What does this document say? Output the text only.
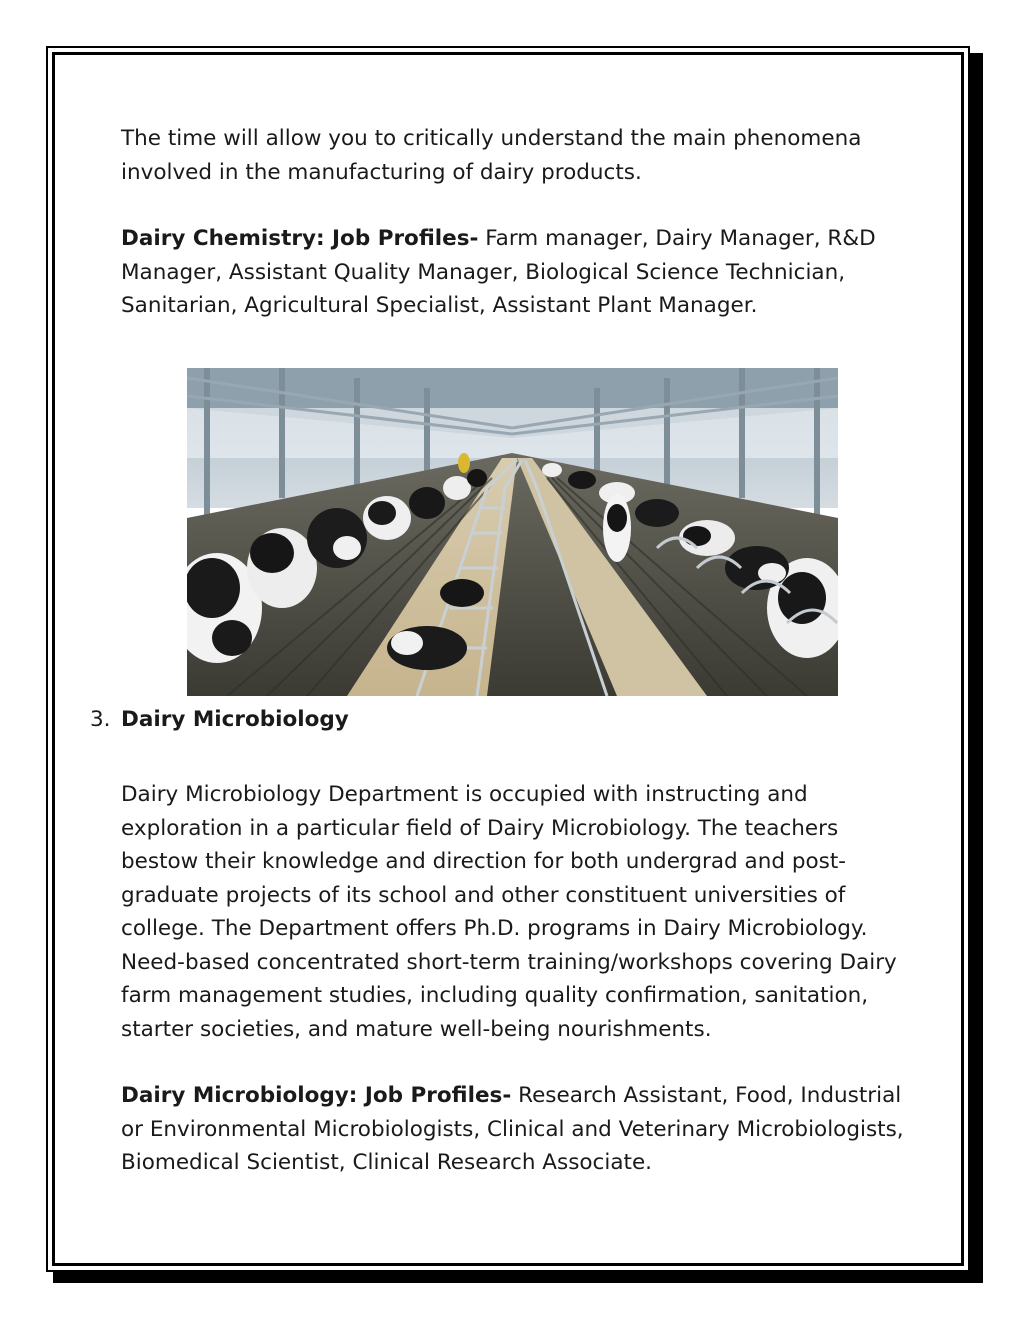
The time will allow you to critically understand the main phenomena involved in the manufacturing of dairy products.

Dairy Chemistry: Job Profiles- Farm manager, Dairy Manager, R&D Manager, Assistant Quality Manager, Biological Science Technician, Sanitarian, Agricultural Specialist, Assistant Plant Manager.

3. Dairy Microbiology

Dairy Microbiology Department is occupied with instructing and exploration in a particular field of Dairy Microbiology. The teachers bestow their knowledge and direction for both undergrad and post-graduate projects of its school and other constituent universities of college. The Department offers Ph.D. programs in Dairy Microbiology. Need-based concentrated short-term training/workshops covering Dairy farm management studies, including quality confirmation, sanitation, starter societies, and mature well-being nourishments.

Dairy Microbiology: Job Profiles- Research Assistant, Food, Industrial or Environmental Microbiologists, Clinical and Veterinary Microbiologists, Biomedical Scientist, Clinical Research Associate.
